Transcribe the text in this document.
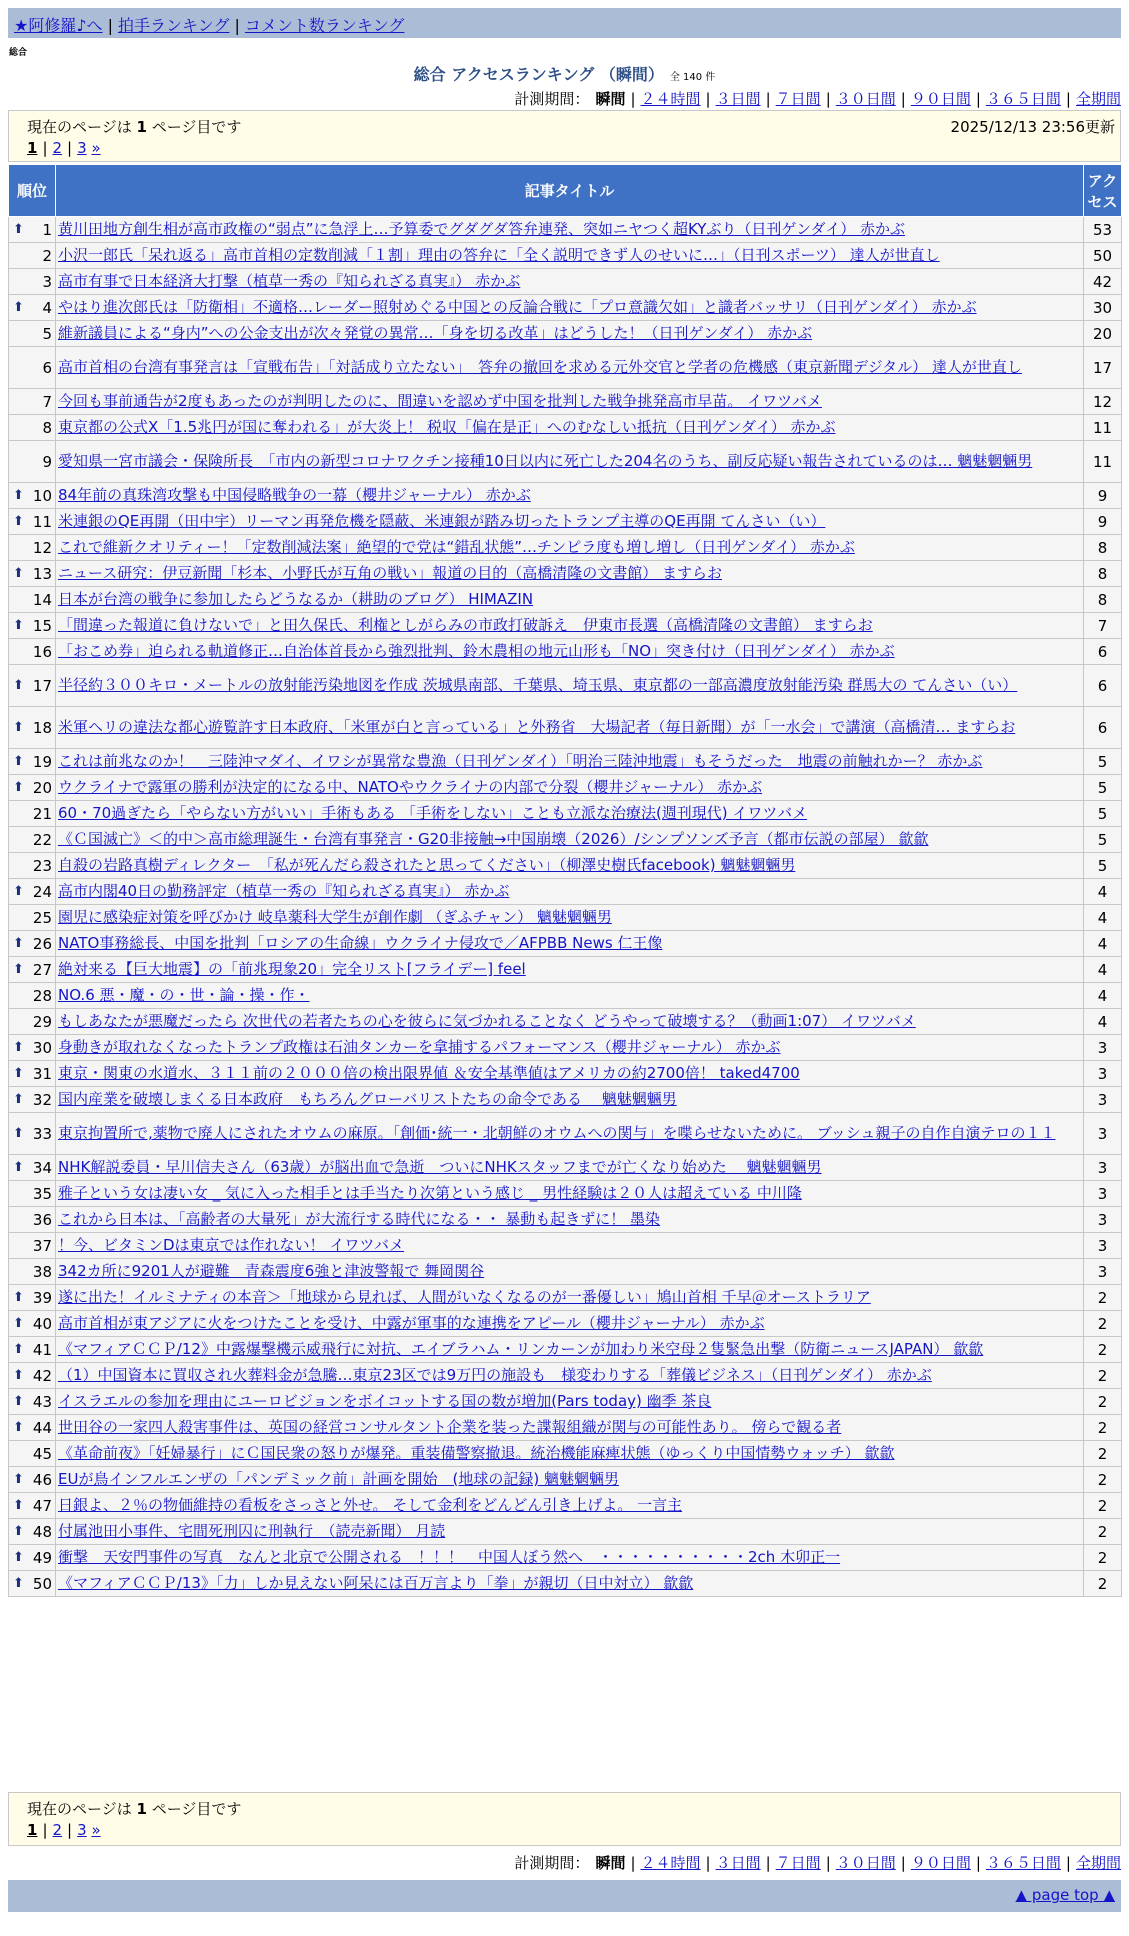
★阿修羅♪へ | 拍手ランキング | コメント数ランキング
総合
総合 アクセスランキング （瞬間） 全 140 件
計測期間： 瞬間 | ２４時間 | ３日間 | ７日間 | ３０日間 | ９０日間 | ３６５日間 | 全期間
現在のページは 1 ページ目です	2025/12/13 23:56更新
1 | 2 | 3 »
順位	記事タイトル	アクセス

⬆ 1	黄川田地方創生相が高市政権の“弱点”に急浮上…予算委でグダグダ答弁連発、突如ニヤつく超KYぶり（日刊ゲンダイ） 赤かぶ	53
2	小沢一郎氏「呆れ返る」高市首相の定数削減「１割」理由の答弁に「全く説明できず人のせいに…」（日刊スポーツ） 達人が世直し	50
3	高市有事で日本経済大打撃（植草一秀の『知られざる真実』） 赤かぶ	42

⬆ 4	やはり進次郎氏は「防衛相」不適格…レーダー照射めぐる中国との反論合戦に「プロ意識欠如」と識者バッサリ（日刊ゲンダイ） 赤かぶ	30
5	維新議員による“身内”への公金支出が次々発覚の異常…「身を切る改革」はどうした！（日刊ゲンダイ） 赤かぶ	20
6	高市首相の台湾有事発言は「宣戦布告」「対話成り立たない」　答弁の撤回を求める元外交官と学者の危機感（東京新聞デジタル） 達人が世直し	17
7	今回も事前通告が2度もあったのが判明したのに、間違いを認めず中国を批判した戦争挑発高市早苗。 イワツバメ	12
8	東京都の公式X「1.5兆円が国に奪われる」が大炎上！ 税収「偏在是正」へのむなしい抵抗（日刊ゲンダイ） 赤かぶ	11
9	愛知県一宮市議会・保険所長　「市内の新型コロナワクチン接種10日以内に死亡した204名のうち、副反応疑い報告されているのは… 魑魅魍魎男	11

⬆ 10	84年前の真珠湾攻撃も中国侵略戦争の一幕（櫻井ジャーナル） 赤かぶ	9

⬆ 11	米連銀のQE再開（田中宇）リーマン再発危機を隠蔽、米連銀が踏み切ったトランプ主導のQE再開 てんさい（い）	9
12	これで維新クオリティー！「定数削減法案」絶望的で党は“錯乱状態”…チンピラ度も増し増し（日刊ゲンダイ） 赤かぶ	8

⬆ 13	ニュース研究：伊豆新聞「杉本、小野氏が互角の戦い」報道の目的（高橋清隆の文書館） ますらお	8
14	日本が台湾の戦争に参加したらどうなるか（耕助のブログ） HIMAZIN	8

⬆ 15	「間違った報道に負けないで」と田久保氏、利権としがらみの市政打破訴え　伊東市長選（高橋清隆の文書館） ますらお	7
16	「おこめ券」迫られる軌道修正…自治体首長から強烈批判、鈴木農相の地元山形も「NO」突き付け（日刊ゲンダイ） 赤かぶ	6

⬆ 17	半径約３００キロ・メートルの放射能汚染地図を作成 茨城県南部、千葉県、埼玉県、東京都の一部高濃度放射能汚染 群馬大の てんさい（い）	6

⬆ 18	米軍ヘリの違法な都心遊覧許す日本政府、「米軍が白と言っている」と外務省　大場記者（毎日新聞）が「一水会」で講演（高橋清… ますらお	6

⬆ 19	これは前兆なのか！　三陸沖マダイ、イワシが異常な豊漁（日刊ゲンダイ）「明治三陸沖地震」もそうだった　地震の前触れかー？ 赤かぶ	5

⬆ 20	ウクライナで露軍の勝利が決定的になる中、NATOやウクライナの内部で分裂（櫻井ジャーナル） 赤かぶ	5
21	60・70過ぎたら「やらない方がいい」手術もある 「手術をしない」ことも立派な治療法(週刊現代) イワツバメ	5
22	《Ｃ国滅亡》＜的中＞高市総理誕生・台湾有事発言・G20非接触→中国崩壊（2026）/シンプソンズ予言（都市伝説の部屋） 歙歙	5
23	自殺の岩路真樹ディレクター　「私が死んだら殺されたと思ってください」（柳澤史樹氏facebook) 魑魅魍魎男	5

⬆ 24	高市内閣40日の勤務評定（植草一秀の『知られざる真実』） 赤かぶ	4
25	園児に感染症対策を呼びかけ 岐阜薬科大学生が創作劇 （ぎふチャン） 魑魅魍魎男	4

⬆ 26	NATO事務総長、中国を批判「ロシアの生命線」ウクライナ侵攻で／AFPBB News 仁王像	4

⬆ 27	絶対来る【巨大地震】の「前兆現象20」完全リスト[フライデー] feel	4
28	NO.6 悪・魔・の・世・論・操・作・	4
29	もしあなたが悪魔だったら 次世代の若者たちの心を彼らに気づかれることなく どうやって破壊する？（動画1:07） イワツバメ	4

⬆ 30	身動きが取れなくなったトランプ政権は石油タンカーを拿捕するパフォーマンス（櫻井ジャーナル） 赤かぶ	3

⬆ 31	東京・関東の水道水、３１１前の２０００倍の検出限界値 ＆安全基準値はアメリカの約2700倍！ taked4700	3

⬆ 32	国内産業を破壊しまくる日本政府　もちろんグローバリストたちの命令である　 魑魅魍魎男	3

⬆ 33	東京拘置所で,薬物で廃人にされたオウムの麻原。「創価･統一・北朝鮮のオウムへの関与」を喋らせないために。 ブッシュ親子の自作自演テロの１１	3

⬆ 34	NHK解説委員・早川信夫さん（63歳）が脳出血で急逝　ついにNHKスタッフまでが亡くなり始めた　 魑魅魍魎男	3
35	雅子という女は凄い女 _ 気に入った相手とは手当たり次第という感じ _ 男性経験は２０人は超えている 中川隆	3
36	これから日本は、「高齢者の大量死」が大流行する時代になる・・ 暴動も起きずに！ 墨染	3
37	！今、ビタミンDは東京では作れない！ イワツバメ	3
38	342カ所に9201人が避難　青森震度6強と津波警報で 舞岡関谷	3

⬆ 39	遂に出た！イルミナティの本音＞「地球から見れば、人間がいなくなるのが一番優しい」鳩山首相 千早＠オーストラリア	2

⬆ 40	高市首相が東アジアに火をつけたことを受け、中露が軍事的な連携をアピール（櫻井ジャーナル） 赤かぶ	2

⬆ 41	《マフィアＣＣＰ/12》中露爆撃機示威飛行に対抗、エイブラハム・リンカーンが加わり米空母２隻緊急出撃（防衛ニュースJAPAN） 歙歙	2

⬆ 42	（1）中国資本に買収され火葬料金が急騰…東京23区では9万円の施設も　様変わりする「葬儀ビジネス」（日刊ゲンダイ） 赤かぶ	2

⬆ 43	イスラエルの参加を理由にユーロビジョンをボイコットする国の数が増加(Pars today) 幽季 茶良	2

⬆ 44	世田谷の一家四人殺害事件は、英国の経営コンサルタント企業を装った諜報組織が関与の可能性あり。 傍らで観る者	2
45	《革命前夜》「妊婦暴行」にＣ国民衆の怒りが爆発。重装備警察撤退。統治機能麻痺状態（ゆっくり中国情勢ウォッチ） 歙歙	2

⬆ 46	EUが鳥インフルエンザの「パンデミック前」計画を開始　(地球の記録) 魑魅魍魎男	2

⬆ 47	日銀よ、２％の物価維持の看板をさっさと外せ。 そして金利をどんどん引き上げよ。 一言主	2

⬆ 48	付属池田小事件、宅間死刑囚に刑執行　（読売新聞） 月読	2

⬆ 49	衝撃　天安門事件の写真　なんと北京で公開される　！！！　中国人ぼう然へ　・・・・・・・・・・2ch 木卯正一	2

⬆ 50	《マフィアＣＣＰ/13》「力」しか見えない阿呆には百万言より「拳」が親切（日中対立） 歙歙	2
現在のページは 1 ページ目です
1 | 2 | 3 »
計測期間： 瞬間 | ２４時間 | ３日間 | ７日間 | ３０日間 | ９０日間 | ３６５日間 | 全期間
▲ page top ▲
